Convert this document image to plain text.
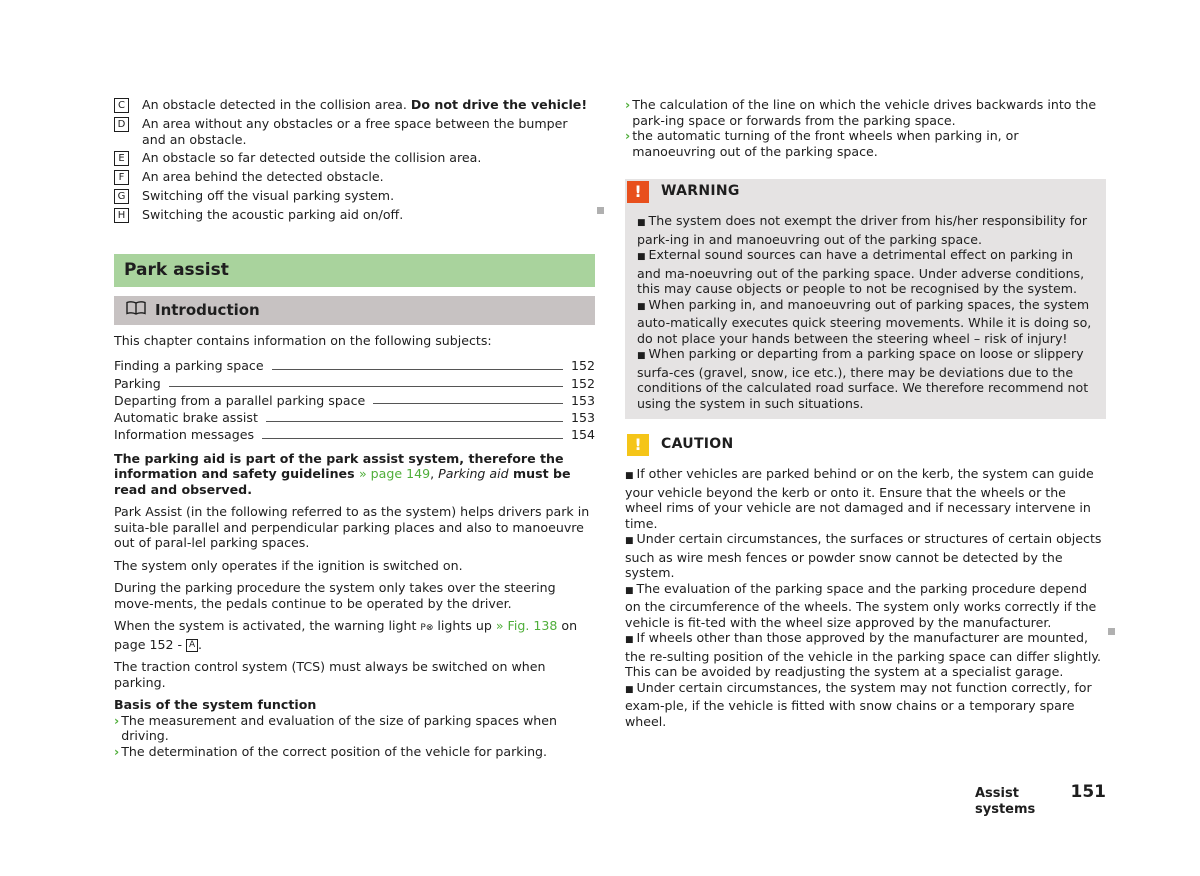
C	An obstacle detected in the collision area. Do not drive the vehicle!
D An area without any obstacles or a free space between the bumper and an obstacle.
E	An obstacle so far detected outside the collision area.
F	An area behind the detected obstacle.
G Switching off the visual parking system.
H Switching the acoustic parking aid on/off.
Park assist
Introduction

This chapter contains information on the following subjects:

Finding a parking space	152
Parking	152
Departing from a parallel parking space	153
Automatic brake assist	153
Information messages	154

The parking aid is part of the park assist system, therefore the information and safety guidelines » page 149, Parking aid must be read and observed.

Park Assist (in the following referred to as the system) helps drivers park in suita-ble parallel and perpendicular parking places and also to manoeuvre out of paral-lel parking spaces.

The system only operates if the ignition is switched on.

During the parking procedure the system only takes over the steering move-ments, the pedals continue to be operated by the driver.

When the system is activated, the warning light P⊗ lights up » Fig. 138 on page 152 - A .

The traction control system (TCS) must always be switched on when parking.

Basis of the system function
› The measurement and evaluation of the size of parking spaces when driving.
› The determination of the correct position of the vehicle for parking.
› The calculation of the line on which the vehicle drives backwards into the park-ing space or forwards from the parking space.
› the automatic turning of the front wheels when parking in, or manoeuvring out of the parking space.
!	WARNING
■ The system does not exempt the driver from his/her responsibility for park-ing in and manoeuvring out of the parking space.
■ External sound sources can have a detrimental effect on parking in and ma-noeuvring out of the parking space. Under adverse conditions, this may cause objects or people to not be recognised by the system.
■ When parking in, and manoeuvring out of parking spaces, the system auto-matically executes quick steering movements. While it is doing so, do not place your hands between the steering wheel – risk of injury!
■ When parking or departing from a parking space on loose or slippery surfa-ces (gravel, snow, ice etc.), there may be deviations due to the conditions of the calculated road surface. We therefore recommend not using the system in such situations.
!	CAUTION
■ If other vehicles are parked behind or on the kerb, the system can guide your vehicle beyond the kerb or onto it. Ensure that the wheels or the wheel rims of your vehicle are not damaged and if necessary intervene in time.
■ Under certain circumstances, the surfaces or structures of certain objects such as wire mesh fences or powder snow cannot be detected by the system.
■ The evaluation of the parking space and the parking procedure depend on the circumference of the wheels. The system only works correctly if the vehicle is fit-ted with the wheel size approved by the manufacturer.
■ If wheels other than those approved by the manufacturer are mounted, the re-sulting position of the vehicle in the parking space can differ slightly. This can be avoided by readjusting the system at a specialist garage.
■ Under certain circumstances, the system may not function correctly, for exam-ple, if the vehicle is fitted with snow chains or a temporary spare wheel.
Assist systems
151
